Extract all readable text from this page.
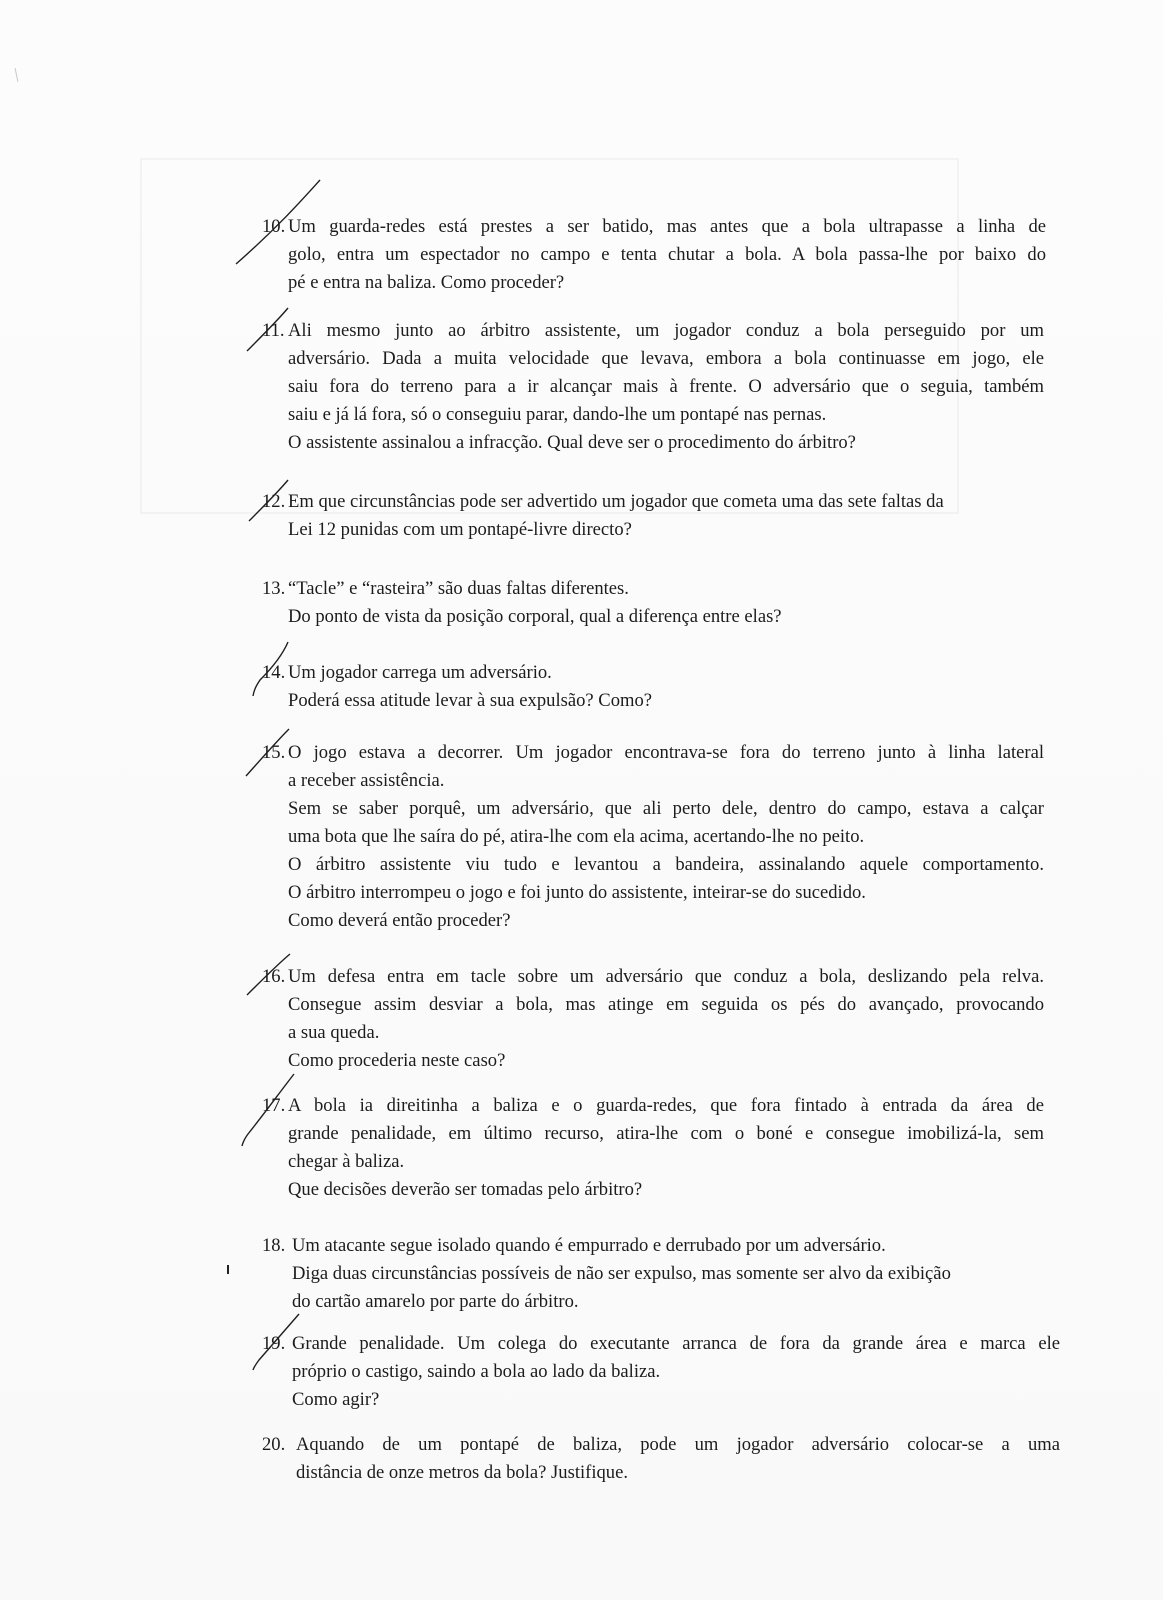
10. Um guarda-redes está prestes a ser batido, mas antes que a bola ultrapasse a linha de
golo, entra um espectador no campo e tenta chutar a bola. A bola passa-lhe por baixo do
pé e entra na baliza. Como proceder?
11. Ali mesmo junto ao árbitro assistente, um jogador conduz a bola perseguido por um
adversário. Dada a muita velocidade que levava, embora a bola continuasse em jogo, ele
saiu fora do terreno para a ir alcançar mais à frente. O adversário que o seguia, também
saiu e já lá fora, só o conseguiu parar, dando-lhe um pontapé nas pernas.
O assistente assinalou a infracção. Qual deve ser o procedimento do árbitro?
12. Em que circunstâncias pode ser advertido um jogador que cometa uma das sete faltas da
Lei 12 punidas com um pontapé-livre directo?
13. “Tacle” e “rasteira” são duas faltas diferentes.
Do ponto de vista da posição corporal, qual a diferença entre elas?
14. Um jogador carrega um adversário.
Poderá essa atitude levar à sua expulsão? Como?
15. O jogo estava a decorrer. Um jogador encontrava-se fora do terreno junto à linha lateral
a receber assistência.
Sem se saber porquê, um adversário, que ali perto dele, dentro do campo, estava a calçar
uma bota que lhe saíra do pé, atira-lhe com ela acima, acertando-lhe no peito.
O árbitro assistente viu tudo e levantou a bandeira, assinalando aquele comportamento.
O árbitro interrompeu o jogo e foi junto do assistente, inteirar-se do sucedido.
Como deverá então proceder?
16. Um defesa entra em tacle sobre um adversário que conduz a bola, deslizando pela relva.
Consegue assim desviar a bola, mas atinge em seguida os pés do avançado, provocando
a sua queda.
Como procederia neste caso?
17. A bola ia direitinha a baliza e o guarda-redes, que fora fintado à entrada da área de
grande penalidade, em último recurso, atira-lhe com o boné e consegue imobilizá-la, sem
chegar à baliza.
Que decisões deverão ser tomadas pelo árbitro?
18. Um atacante segue isolado quando é empurrado e derrubado por um adversário.
Diga duas circunstâncias possíveis de não ser expulso, mas somente ser alvo da exibição
do cartão amarelo por parte do árbitro.
19. Grande penalidade. Um colega do executante arranca de fora da grande área e marca ele
próprio o castigo, saindo a bola ao lado da baliza.
Como agir?
20. Aquando de um pontapé de baliza, pode um jogador adversário colocar-se a uma
distância de onze metros da bola? Justifique.
